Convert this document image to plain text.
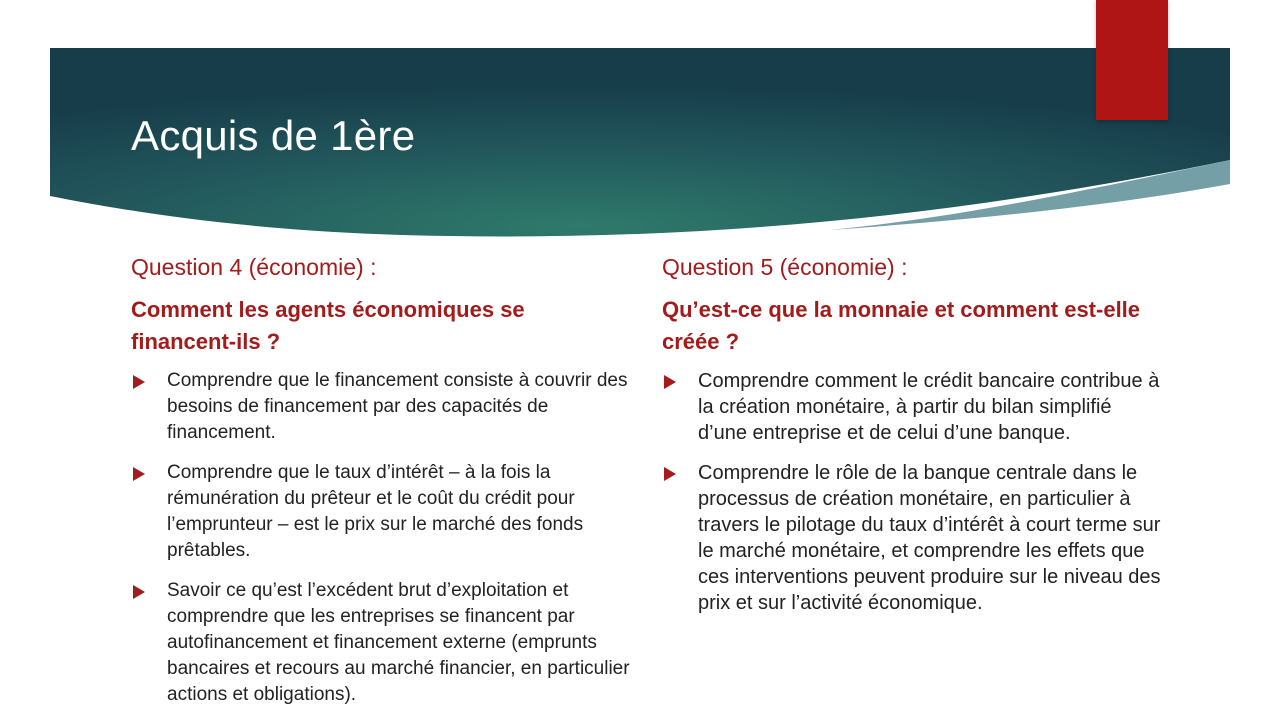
Acquis de 1ère

Question 4 (économie) :

Comment les agents économiques se financent-ils ?

Comprendre que le financement consiste à couvrir des besoins de financement par des capacités de financement.
Comprendre que le taux d’intérêt – à la fois la rémunération du prêteur et le coût du crédit pour l’emprunteur – est le prix sur le marché des fonds prêtables.
Savoir ce qu’est l’excédent brut d’exploitation et comprendre que les entreprises se financent par autofinancement et financement externe (emprunts bancaires et recours au marché financier, en particulier actions et obligations).

Question 5 (économie) :

Qu’est-ce que la monnaie et comment est-elle créée ?

Comprendre comment le crédit bancaire contribue à la création monétaire, à partir du bilan simplifié d’une entreprise et de celui d’une banque.
Comprendre le rôle de la banque centrale dans le processus de création monétaire, en particulier à travers le pilotage du taux d’intérêt à court terme sur le marché monétaire, et comprendre les effets que ces interventions peuvent produire sur le niveau des prix et sur l’activité économique.
